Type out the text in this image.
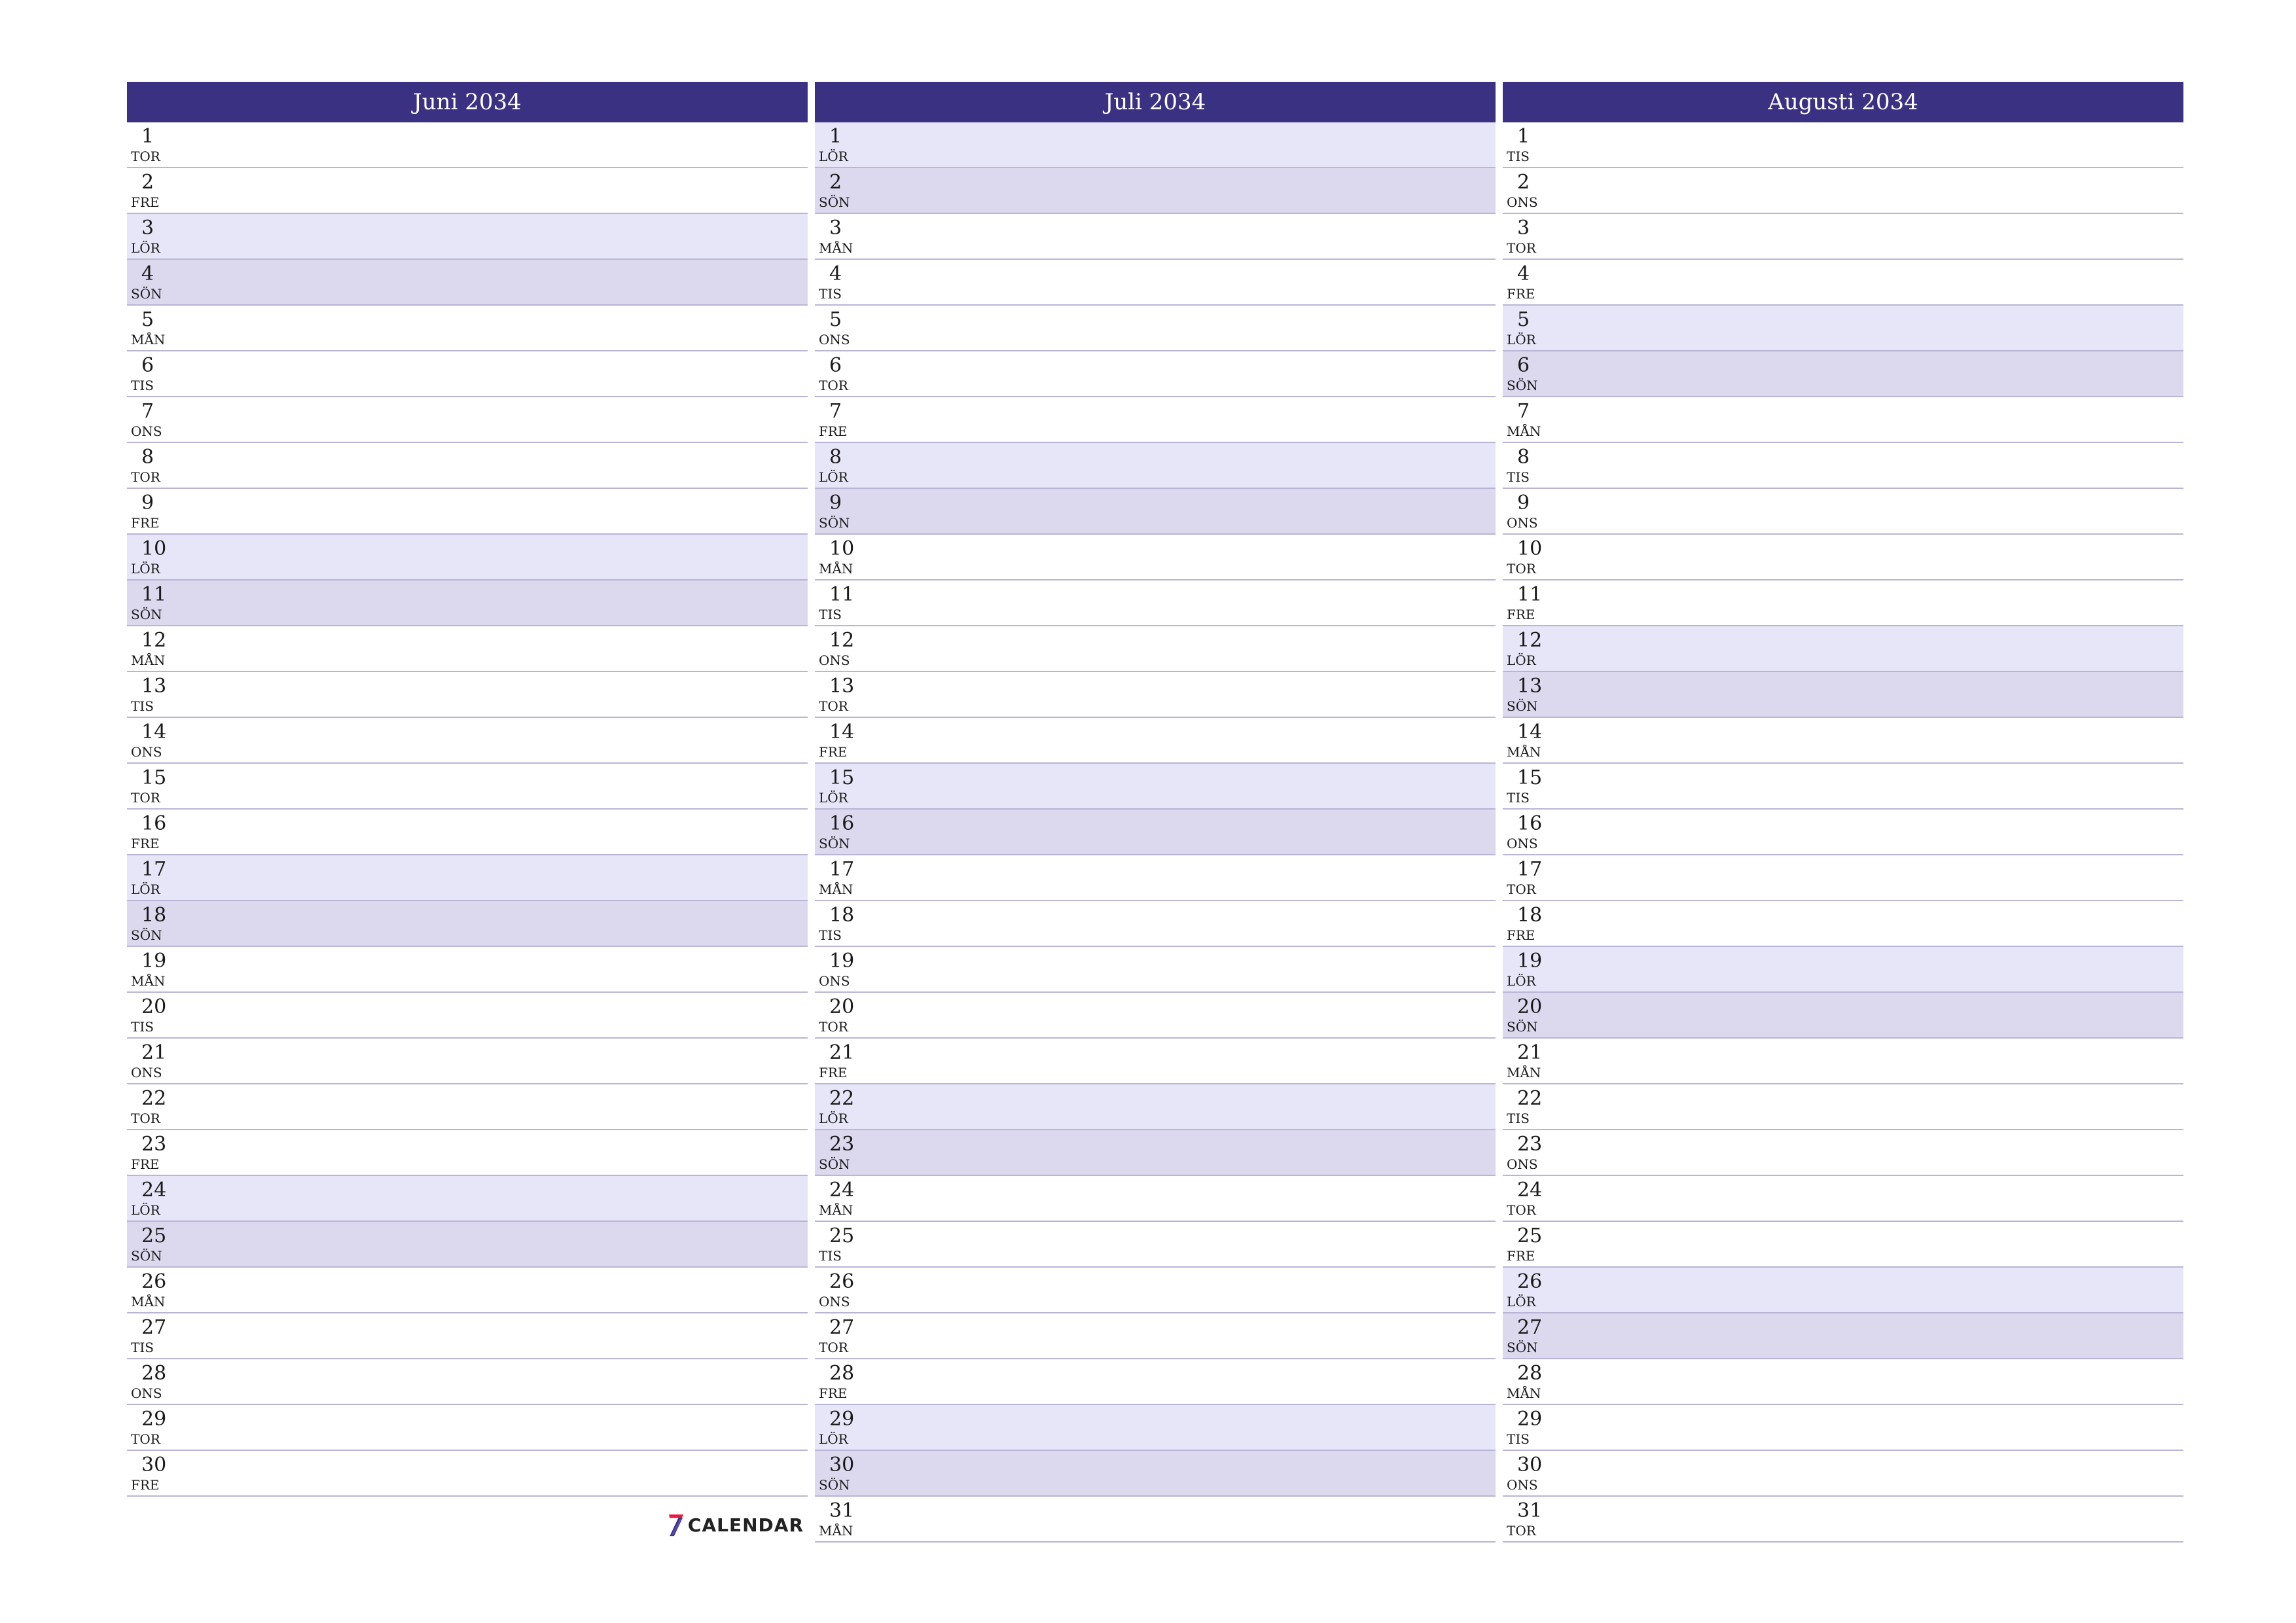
Juni 2034
1
TOR
2
FRE
3
LÖR
4
SÖN
5
MÅN
6
TIS
7
ONS
8
TOR
9
FRE
10
LÖR
11
SÖN
12
MÅN
13
TIS
14
ONS
15
TOR
16
FRE
17
LÖR
18
SÖN
19
MÅN
20
TIS
21
ONS
22
TOR
23
FRE
24
LÖR
25
SÖN
26
MÅN
27
TIS
28
ONS
29
TOR
30
FRE
Juli 2034
1
LÖR
2
SÖN
3
MÅN
4
TIS
5
ONS
6
TOR
7
FRE
8
LÖR
9
SÖN
10
MÅN
11
TIS
12
ONS
13
TOR
14
FRE
15
LÖR
16
SÖN
17
MÅN
18
TIS
19
ONS
20
TOR
21
FRE
22
LÖR
23
SÖN
24
MÅN
25
TIS
26
ONS
27
TOR
28
FRE
29
LÖR
30
SÖN
31
MÅN
Augusti 2034
1
TIS
2
ONS
3
TOR
4
FRE
5
LÖR
6
SÖN
7
MÅN
8
TIS
9
ONS
10
TOR
11
FRE
12
LÖR
13
SÖN
14
MÅN
15
TIS
16
ONS
17
TOR
18
FRE
19
LÖR
20
SÖN
21
MÅN
22
TIS
23
ONS
24
TOR
25
FRE
26
LÖR
27
SÖN
28
MÅN
29
TIS
30
ONS
31
TOR
CALENDAR
